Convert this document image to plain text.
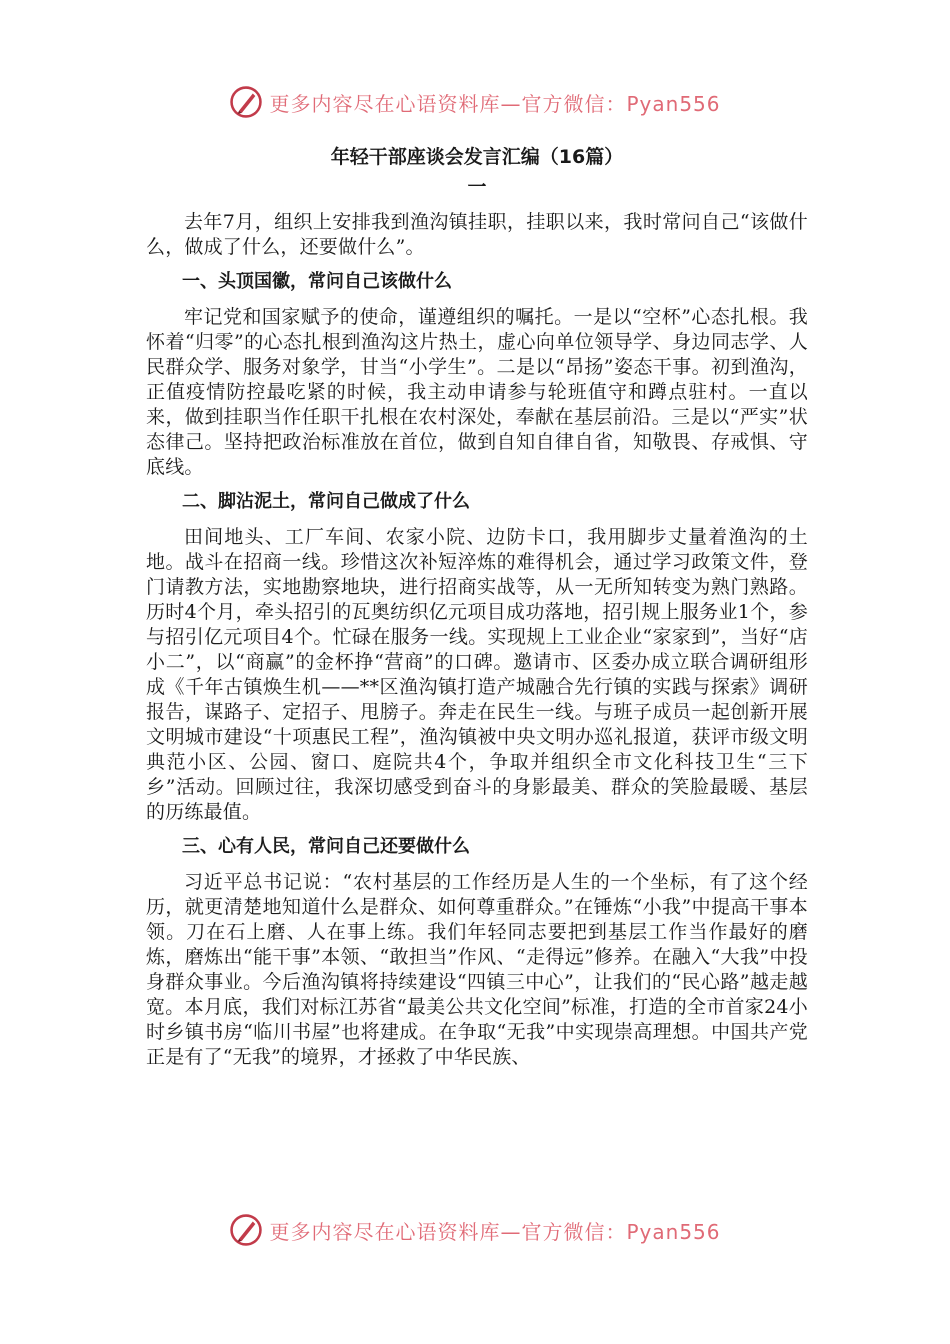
更多内容尽在心语资料库—官方微信：Pyan556

年轻干部座谈会发言汇编（16篇）

一

去年7月，组织上安排我到渔沟镇挂职，挂职以来，我时常问自己“该做什么，做成了什么，还要做什么”。

一、头顶国徽，常问自己该做什么

牢记党和国家赋予的使命，谨遵组织的嘱托。一是以“空杯”心态扎根。我怀着“归零”的心态扎根到渔沟这片热土，虚心向单位领导学、身边同志学、人民群众学、服务对象学，甘当“小学生”。二是以“昂扬”姿态干事。初到渔沟，正值疫情防控最吃紧的时候，我主动申请参与轮班值守和蹲点驻村。一直以来，做到挂职当作任职干扎根在农村深处，奉献在基层前沿。三是以“严实”状态律己。坚持把政治标准放在首位，做到自知自律自省，知敬畏、存戒惧、守底线。

二、脚沾泥土，常问自己做成了什么

田间地头、工厂车间、农家小院、边防卡口，我用脚步丈量着渔沟的土地。战斗在招商一线。珍惜这次补短淬炼的难得机会，通过学习政策文件，登门请教方法，实地勘察地块，进行招商实战等，从一无所知转变为熟门熟路。历时4个月，牵头招引的瓦奥纺织亿元项目成功落地，招引规上服务业1个，参与招引亿元项目4个。忙碌在服务一线。实现规上工业企业“家家到”，当好“店小二”，以“商赢”的金杯挣“营商”的口碑。邀请市、区委办成立联合调研组形成《千年古镇焕生机——**区渔沟镇打造产城融合先行镇的实践与探索》调研报告，谋路子、定招子、甩膀子。奔走在民生一线。与班子成员一起创新开展文明城市建设“十项惠民工程”，渔沟镇被中央文明办巡礼报道，获评市级文明典范小区、公园、窗口、庭院共4个，争取并组织全市文化科技卫生“三下乡”活动。回顾过往，我深切感受到奋斗的身影最美、群众的笑脸最暖、基层的历练最值。

三、心有人民，常问自己还要做什么

习近平总书记说：“农村基层的工作经历是人生的一个坐标，有了这个经历，就更清楚地知道什么是群众、如何尊重群众。”在锤炼“小我”中提高干事本领。刀在石上磨、人在事上练。我们年轻同志要把到基层工作当作最好的磨炼，磨炼出“能干事”本领、“敢担当”作风、“走得远”修养。在融入“大我”中投身群众事业。今后渔沟镇将持续建设“四镇三中心”，让我们的“民心路”越走越宽。本月底，我们对标江苏省“最美公共文化空间”标准，打造的全市首家24小时乡镇书房“临川书屋”也将建成。在争取“无我”中实现崇高理想。中国共产党正是有了“无我”的境界，才拯救了中华民族、

更多内容尽在心语资料库—官方微信：Pyan556
